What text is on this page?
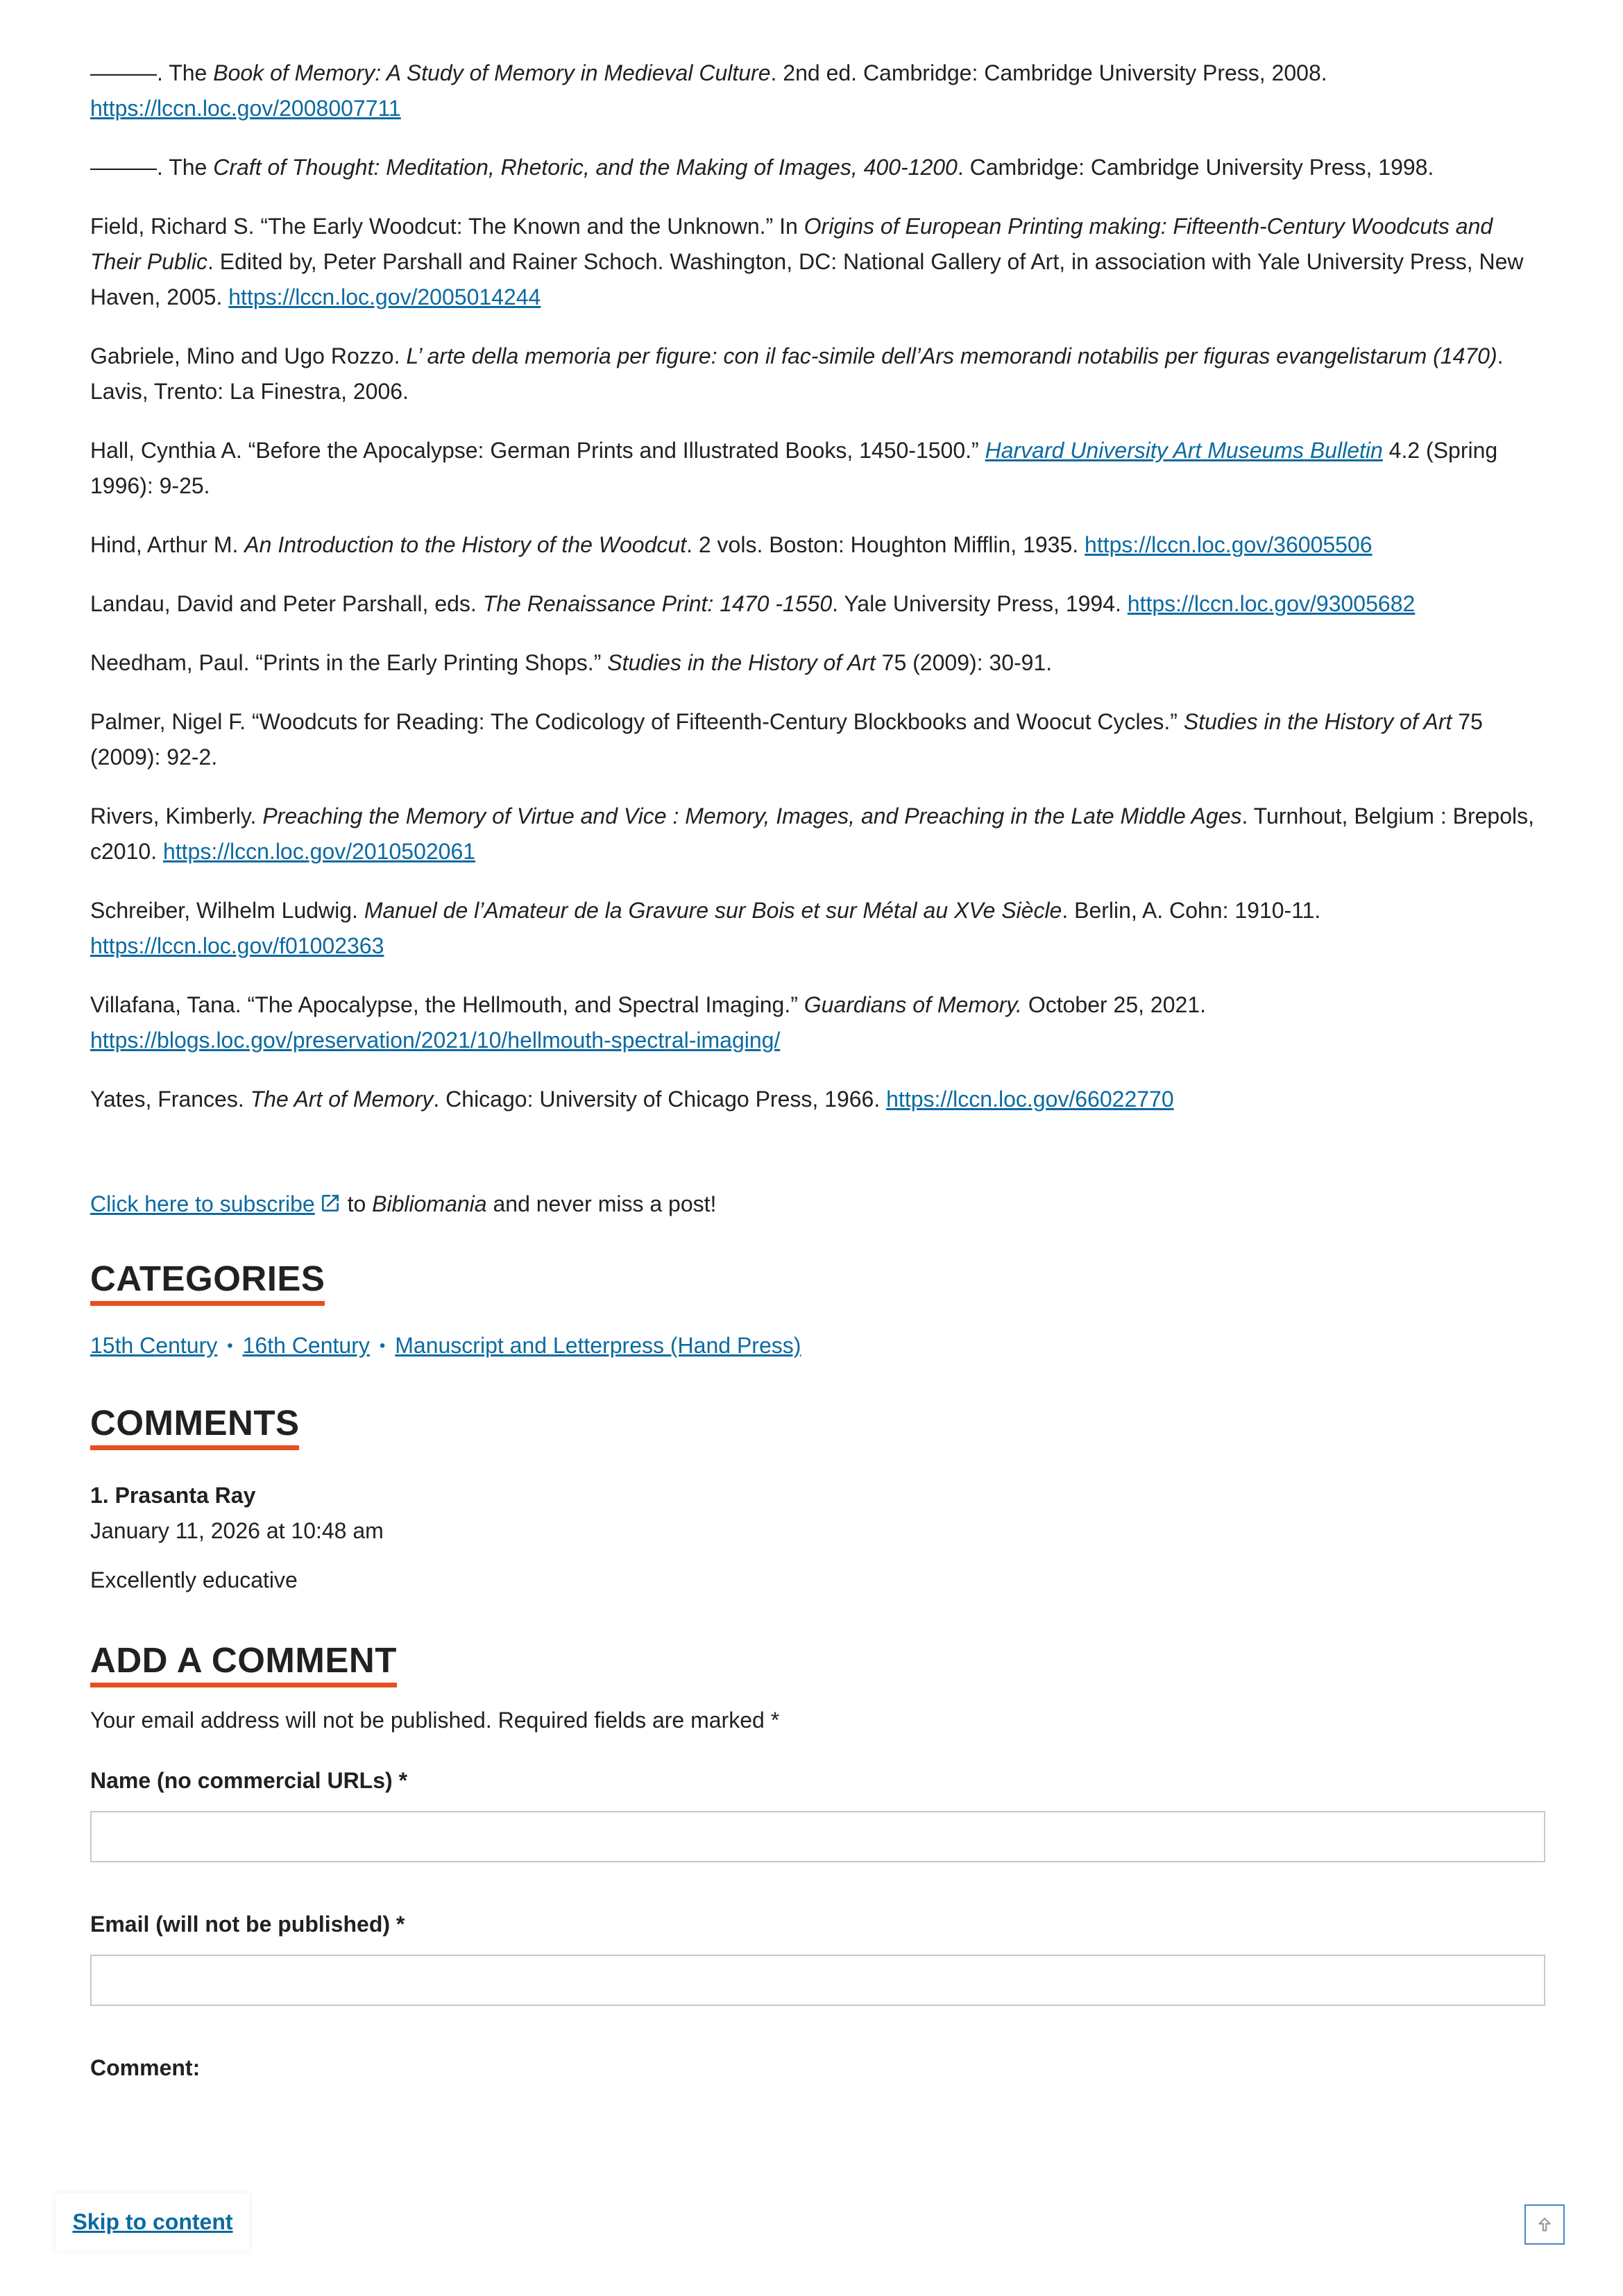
———. The Book of Memory: A Study of Memory in Medieval Culture. 2nd ed. Cambridge: Cambridge University Press, 2008. https://lccn.loc.gov/2008007711
———. The Craft of Thought: Meditation, Rhetoric, and the Making of Images, 400-1200. Cambridge: Cambridge University Press, 1998.
Field, Richard S. “The Early Woodcut: The Known and the Unknown.” In Origins of European Printing making: Fifteenth-Century Woodcuts and Their Public. Edited by, Peter Parshall and Rainer Schoch. Washington, DC: National Gallery of Art, in association with Yale University Press, New Haven, 2005. https://lccn.loc.gov/2005014244
Gabriele, Mino and Ugo Rozzo. L’ arte della memoria per figure: con il fac-simile dell’Ars memorandi notabilis per figuras evangelistarum (1470). Lavis, Trento: La Finestra, 2006.
Hall, Cynthia A. “Before the Apocalypse: German Prints and Illustrated Books, 1450-1500.” Harvard University Art Museums Bulletin 4.2 (Spring 1996): 9-25.
Hind, Arthur M. An Introduction to the History of the Woodcut. 2 vols. Boston: Houghton Mifflin, 1935. https://lccn.loc.gov/36005506
Landau, David and Peter Parshall, eds. The Renaissance Print: 1470 -1550. Yale University Press, 1994. https://lccn.loc.gov/93005682
Needham, Paul. “Prints in the Early Printing Shops.” Studies in the History of Art 75 (2009): 30-91.
Palmer, Nigel F. “Woodcuts for Reading: The Codicology of Fifteenth-Century Blockbooks and Woocut Cycles.” Studies in the History of Art 75 (2009): 92-2.
Rivers, Kimberly. Preaching the Memory of Virtue and Vice : Memory, Images, and Preaching in the Late Middle Ages. Turnhout, Belgium : Brepols, c2010. https://lccn.loc.gov/2010502061
Schreiber, Wilhelm Ludwig. Manuel de l’Amateur de la Gravure sur Bois et sur Métal au XVe Siècle. Berlin, A. Cohn: 1910-11. https://lccn.loc.gov/f01002363
Villafana, Tana. “The Apocalypse, the Hellmouth, and Spectral Imaging.” Guardians of Memory. October 25, 2021. https://blogs.loc.gov/preservation/2021/10/hellmouth-spectral-imaging/
Yates, Frances. The Art of Memory. Chicago: University of Chicago Press, 1966. https://lccn.loc.gov/66022770
Click here to subscribe to Bibliomania and never miss a post!
CATEGORIES
15th Century • 16th Century • Manuscript and Letterpress (Hand Press)
COMMENTS
1. Prasanta Ray
January 11, 2026 at 10:48 am
Excellently educative
ADD A COMMENT
Your email address will not be published. Required fields are marked *
Name (no commercial URLs) *
Email (will not be published) *
Comment:
Skip to content
